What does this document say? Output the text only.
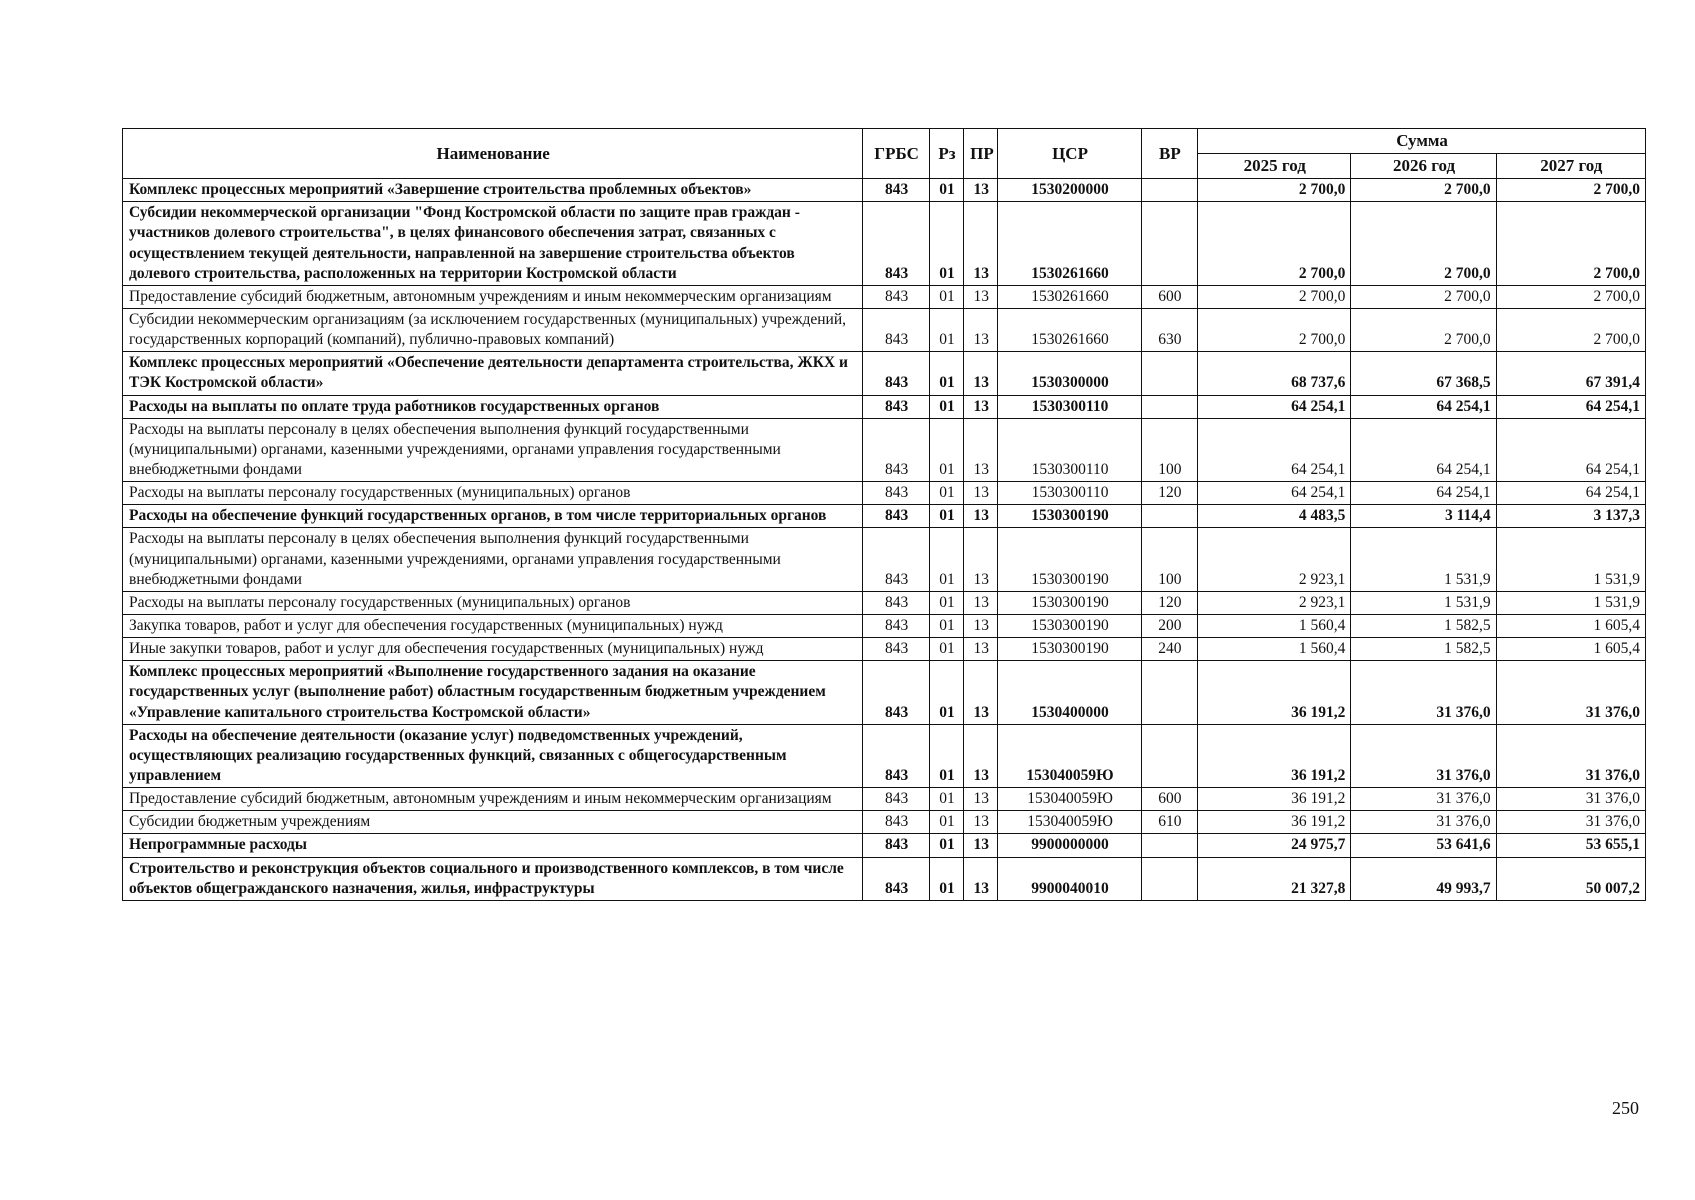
Наименование	ГРБС	Рз	ПР	ЦСР	ВР	Сумма		
						2025 год	2026 год	2027 год
Комплекс процессных мероприятий «Завершение строительства проблемных объектов»	843	01	13	1530200000		2 700,0	2 700,0	2 700,0
Субсидии некоммерческой организации "Фонд Костромской области по защите прав граждан - участников долевого строительства", в целях финансового обеспечения затрат, связанных с осуществлением текущей деятельности, направленной на завершение строительства объектов долевого строительства, расположенных на территории Костромской области	843	01	13	1530261660		2 700,0	2 700,0	2 700,0
Предоставление субсидий бюджетным, автономным учреждениям и иным некоммерческим организациям	843	01	13	1530261660	600	2 700,0	2 700,0	2 700,0
Субсидии некоммерческим организациям (за исключением государственных (муниципальных) учреждений, государственных корпораций (компаний), публично-правовых компаний)	843	01	13	1530261660	630	2 700,0	2 700,0	2 700,0
Комплекс процессных мероприятий «Обеспечение деятельности департамента строительства, ЖКХ и ТЭК Костромской области»	843	01	13	1530300000		68 737,6	67 368,5	67 391,4
Расходы на выплаты по оплате труда работников государственных органов	843	01	13	1530300110		64 254,1	64 254,1	64 254,1
Расходы на выплаты персоналу в целях обеспечения выполнения функций государственными (муниципальными) органами, казенными учреждениями, органами управления государственными внебюджетными фондами	843	01	13	1530300110	100	64 254,1	64 254,1	64 254,1
Расходы на выплаты персоналу государственных (муниципальных) органов	843	01	13	1530300110	120	64 254,1	64 254,1	64 254,1
Расходы на обеспечение функций государственных органов, в том числе территориальных органов	843	01	13	1530300190		4 483,5	3 114,4	3 137,3
Расходы на выплаты персоналу в целях обеспечения выполнения функций государственными (муниципальными) органами, казенными учреждениями, органами управления государственными внебюджетными фондами	843	01	13	1530300190	100	2 923,1	1 531,9	1 531,9
Расходы на выплаты персоналу государственных (муниципальных) органов	843	01	13	1530300190	120	2 923,1	1 531,9	1 531,9
Закупка товаров, работ и услуг для обеспечения государственных (муниципальных) нужд	843	01	13	1530300190	200	1 560,4	1 582,5	1 605,4
Иные закупки товаров, работ и услуг для обеспечения государственных (муниципальных) нужд	843	01	13	1530300190	240	1 560,4	1 582,5	1 605,4
Комплекс процессных мероприятий «Выполнение государственного задания на оказание государственных услуг (выполнение работ) областным государственным бюджетным учреждением «Управление капитального строительства Костромской области»	843	01	13	1530400000		36 191,2	31 376,0	31 376,0
Расходы на обеспечение деятельности (оказание услуг) подведомственных учреждений, осуществляющих реализацию государственных функций, связанных с общегосударственным управлением	843	01	13	153040059Ю		36 191,2	31 376,0	31 376,0
Предоставление субсидий бюджетным, автономным учреждениям и иным некоммерческим организациям	843	01	13	153040059Ю	600	36 191,2	31 376,0	31 376,0
Субсидии бюджетным учреждениям	843	01	13	153040059Ю	610	36 191,2	31 376,0	31 376,0
Непрограммные расходы	843	01	13	9900000000		24 975,7	53 641,6	53 655,1
Строительство и реконструкция объектов социального и производственного комплексов, в том числе объектов общегражданского назначения, жилья, инфраструктуры	843	01	13	9900040010		21 327,8	49 993,7	50 007,2
250
